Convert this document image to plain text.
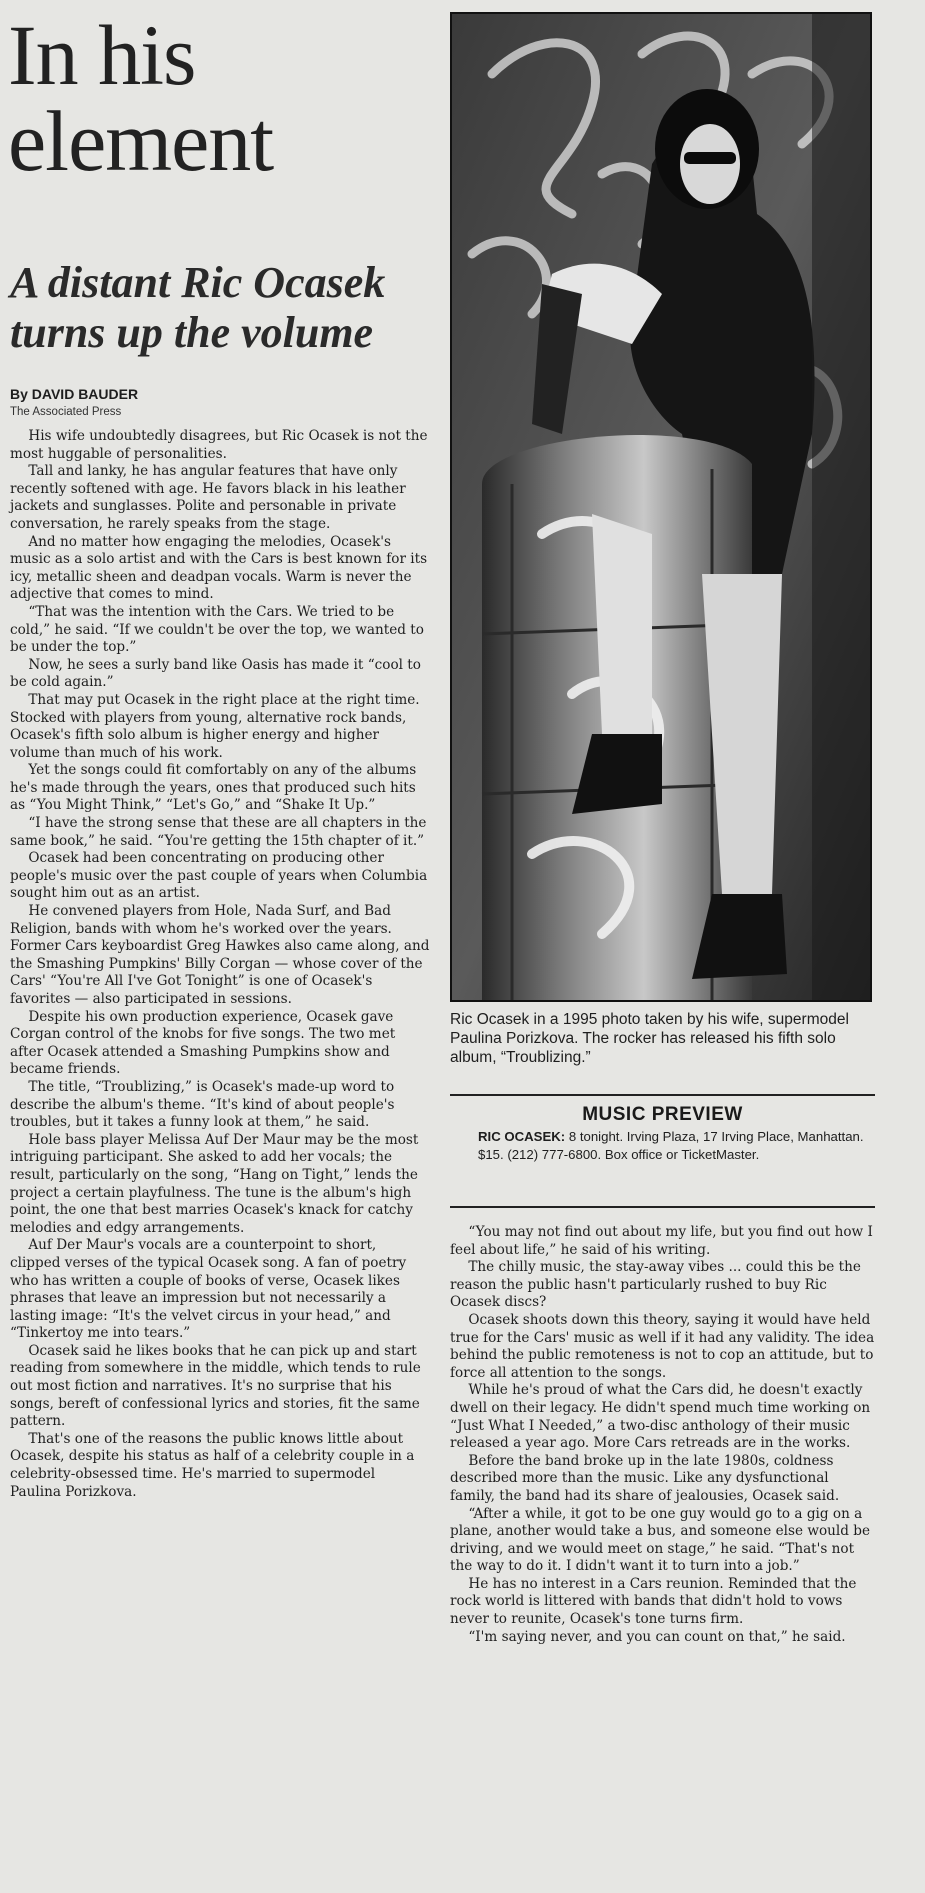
In his element
A distant Ric Ocasek turns up the volume
By DAVID BAUDER
The Associated Press

His wife undoubtedly disagrees, but Ric Ocasek is not the most huggable of personalities.

Tall and lanky, he has angular features that have only recently softened with age. He favors black in his leather jackets and sunglasses. Polite and personable in private conversation, he rarely speaks from the stage.

And no matter how engaging the melodies, Ocasek's music as a solo artist and with the Cars is best known for its icy, metallic sheen and deadpan vocals. Warm is never the adjective that comes to mind.

“That was the intention with the Cars. We tried to be cold,” he said. “If we couldn't be over the top, we wanted to be under the top.”

Now, he sees a surly band like Oasis has made it “cool to be cold again.”

That may put Ocasek in the right place at the right time. Stocked with players from young, alternative rock bands, Ocasek's fifth solo album is higher energy and higher volume than much of his work.

Yet the songs could fit comfortably on any of the albums he's made through the years, ones that produced such hits as “You Might Think,” “Let's Go,” and “Shake It Up.”

“I have the strong sense that these are all chapters in the same book,” he said. “You're getting the 15th chapter of it.”

Ocasek had been concentrating on producing other people's music over the past couple of years when Columbia sought him out as an artist.

He convened players from Hole, Nada Surf, and Bad Religion, bands with whom he's worked over the years. Former Cars keyboardist Greg Hawkes also came along, and the Smashing Pumpkins' Billy Corgan — whose cover of the Cars' “You're All I've Got Tonight” is one of Ocasek's favorites — also participated in sessions.

Despite his own production experience, Ocasek gave Corgan control of the knobs for five songs. The two met after Ocasek attended a Smashing Pumpkins show and became friends.

The title, “Troublizing,” is Ocasek's made-up word to describe the album's theme. “It's kind of about people's troubles, but it takes a funny look at them,” he said.

Hole bass player Melissa Auf Der Maur may be the most intriguing participant. She asked to add her vocals; the result, particularly on the song, “Hang on Tight,” lends the project a certain playfulness. The tune is the album's high point, the one that best marries Ocasek's knack for catchy melodies and edgy arrangements.

Auf Der Maur's vocals are a counterpoint to short, clipped verses of the typical Ocasek song. A fan of poetry who has written a couple of books of verse, Ocasek likes phrases that leave an impression but not necessarily a lasting image: “It's the velvet circus in your head,” and “Tinkertoy me into tears.”

Ocasek said he likes books that he can pick up and start reading from somewhere in the middle, which tends to rule out most fiction and narratives. It's no surprise that his songs, bereft of confessional lyrics and stories, fit the same pattern.

That's one of the reasons the public knows little about Ocasek, despite his status as half of a celebrity couple in a celebrity-obsessed time. He's married to supermodel Paulina Porizkova.

Ric Ocasek in a 1995 photo taken by his wife, supermodel Paulina Porizkova. The rocker has released his fifth solo album, “Troublizing.”
MUSIC PREVIEW
RIC OCASEK: 8 tonight. Irving Plaza, 17 Irving Place, Manhattan. $15. (212) 777-6800. Box office or TicketMaster.

“You may not find out about my life, but you find out how I feel about life,” he said of his writing.

The chilly music, the stay-away vibes ... could this be the reason the public hasn't particularly rushed to buy Ric Ocasek discs?

Ocasek shoots down this theory, saying it would have held true for the Cars' music as well if it had any validity. The idea behind the public remoteness is not to cop an attitude, but to force all attention to the songs.

While he's proud of what the Cars did, he doesn't exactly dwell on their legacy. He didn't spend much time working on “Just What I Needed,” a two-disc anthology of their music released a year ago. More Cars retreads are in the works.

Before the band broke up in the late 1980s, coldness described more than the music. Like any dysfunctional family, the band had its share of jealousies, Ocasek said.

“After a while, it got to be one guy would go to a gig on a plane, another would take a bus, and someone else would be driving, and we would meet on stage,” he said. “That's not the way to do it. I didn't want it to turn into a job.”

He has no interest in a Cars reunion. Reminded that the rock world is littered with bands that didn't hold to vows never to reunite, Ocasek's tone turns firm.

“I'm saying never, and you can count on that,” he said.
